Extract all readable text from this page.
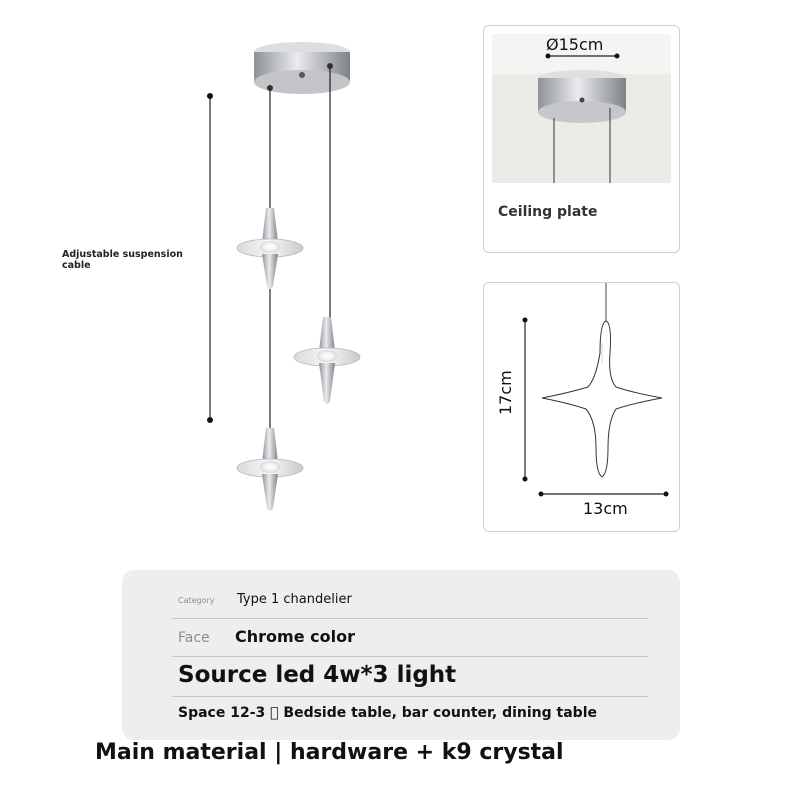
Adjustable suspension cable
Ø15cm
Ceiling plate
17cm
13cm
Category Type 1 chandelier
Face Chrome color
Source led 4w*3 light
Space 12-3   Bedside table, bar counter, dining table
Main material | hardware + k9 crystal
